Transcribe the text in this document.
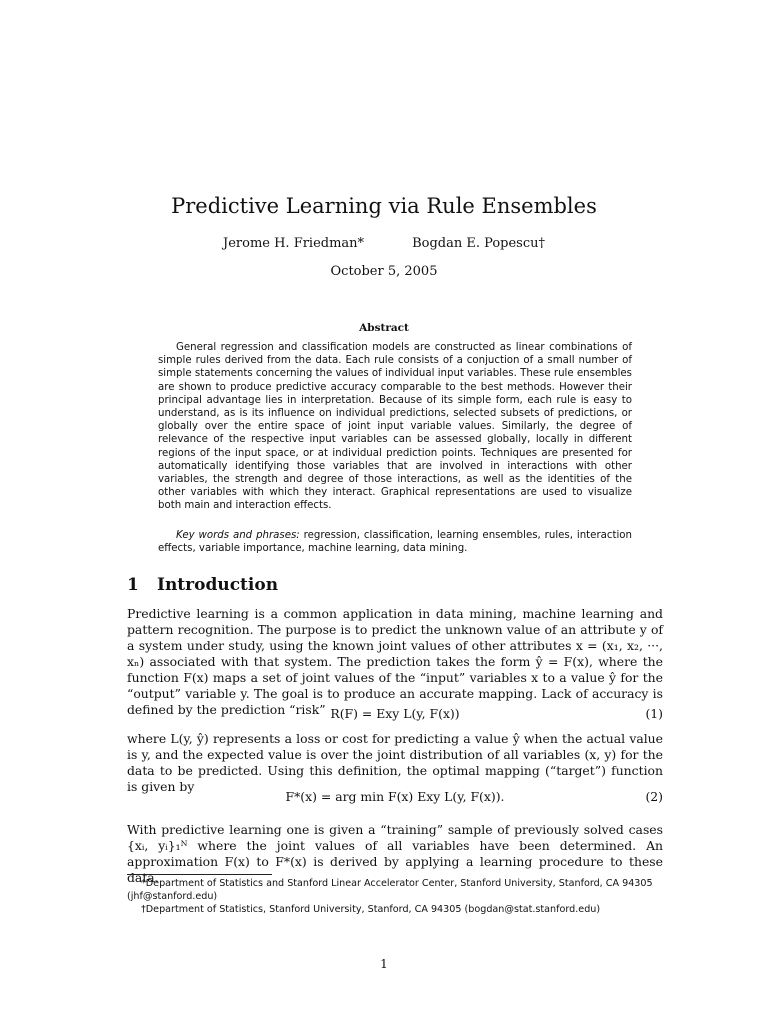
Predictive Learning via Rule Ensembles
Jerome H. Friedman*	Bogdan E. Popescu†
October 5, 2005
Abstract

General regression and classification models are constructed as linear combinations of simple rules derived from the data. Each rule consists of a conjuction of a small number of simple statements concerning the values of individual input variables. These rule ensembles are shown to produce predictive accuracy comparable to the best methods. However their principal advantage lies in interpretation. Because of its simple form, each rule is easy to understand, as is its influence on individual predictions, selected subsets of predictions, or globally over the entire space of joint input variable values. Similarly, the degree of relevance of the respective input variables can be assessed globally, locally in different regions of the input space, or at individual prediction points. Techniques are presented for automatically identifying those variables that are involved in interactions with other variables, the strength and degree of those interactions, as well as the identities of the other variables with which they interact. Graphical representations are used to visualize both main and interaction effects.

Key words and phrases: regression, classification, learning ensembles, rules, interaction effects, variable importance, machine learning, data mining.
1 Introduction
Predictive learning is a common application in data mining, machine learning and pattern recognition. The purpose is to predict the unknown value of an attribute y of a system under study, using the known joint values of other attributes x = (x₁, x₂, ···, xₙ) associated with that system. The prediction takes the form ŷ = F(x), where the function F(x) maps a set of joint values of the “input” variables x to a value ŷ for the “output” variable y. The goal is to produce an accurate mapping. Lack of accuracy is defined by the prediction “risk” R(F) = Exy L(y, F(x))	(1)
where L(y, ŷ) represents a loss or cost for predicting a value ŷ when the actual value is y, and the expected value is over the joint distribution of all variables (x, y) for the data to be predicted. Using this definition, the optimal mapping (“target”) function is given by
F*(x) = arg min F(x) Exy L(y, F(x)).	(2)
With predictive learning one is given a “training” sample of previously solved cases {xᵢ, yᵢ}₁ᴺ where the joint values of all variables have been determined. An approximation F(x) to F*(x) is derived by applying a learning procedure to these data.
*Department of Statistics and Stanford Linear Accelerator Center, Stanford University, Stanford, CA 94305 (jhf@stanford.edu)
†Department of Statistics, Stanford University, Stanford, CA 94305 (bogdan@stat.stanford.edu)
1
